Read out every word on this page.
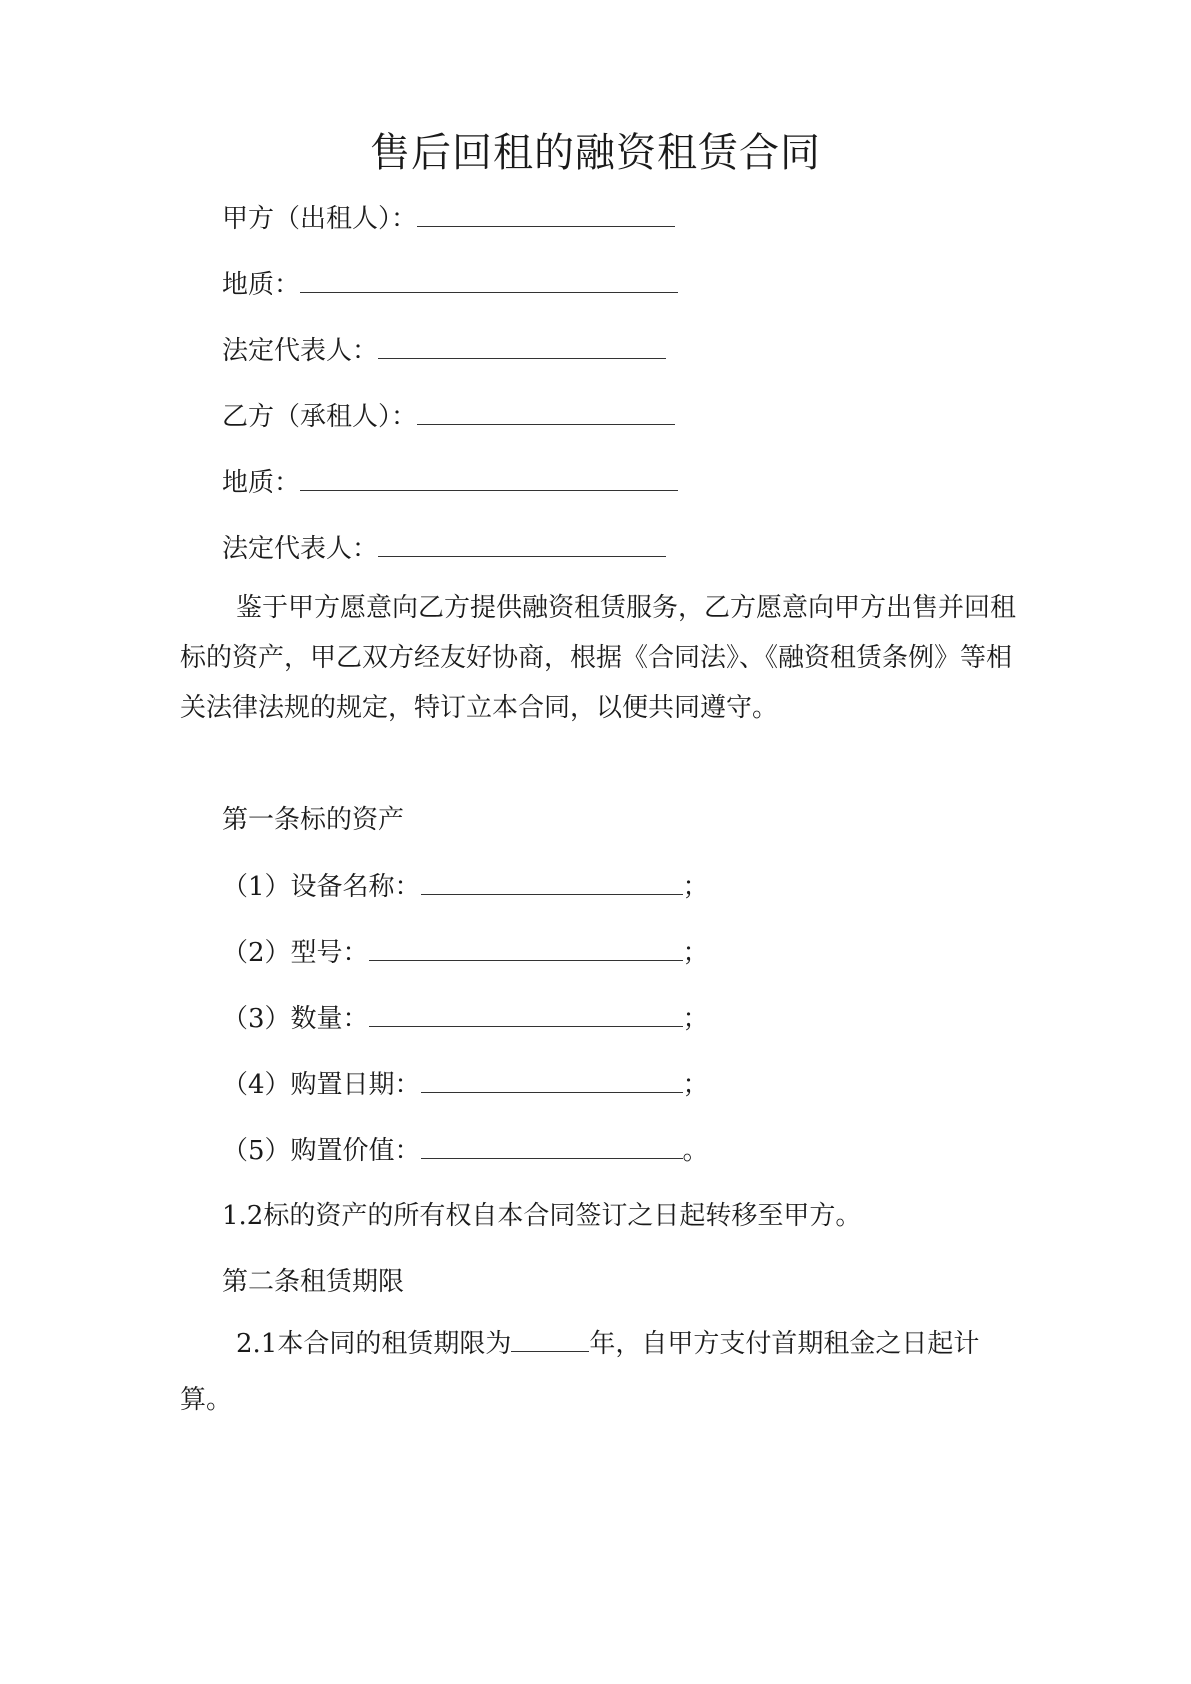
售后回租的融资租赁合同
甲方（出租人）：
地质：
法定代表人：
乙方（承租人）：
地质：
法定代表人：

鉴于甲方愿意向乙方提供融资租赁服务，乙方愿意向甲方出售并回租标的资产，甲乙双方经友好协商，根据《合同法》、《融资租赁条例》等相关法律法规的规定，特订立本合同，以便共同遵守。

第一条标的资产
（1）设备名称：	；
（2）型号：	；
（3）数量：	；
（4）购置日期：	；
（5）购置价值：	。
1.2标的资产的所有权自本合同签订之日起转移至甲方。
第二条租赁期限

2.1本合同的租赁期限为	年，自甲方支付首期租金之日起计算。
